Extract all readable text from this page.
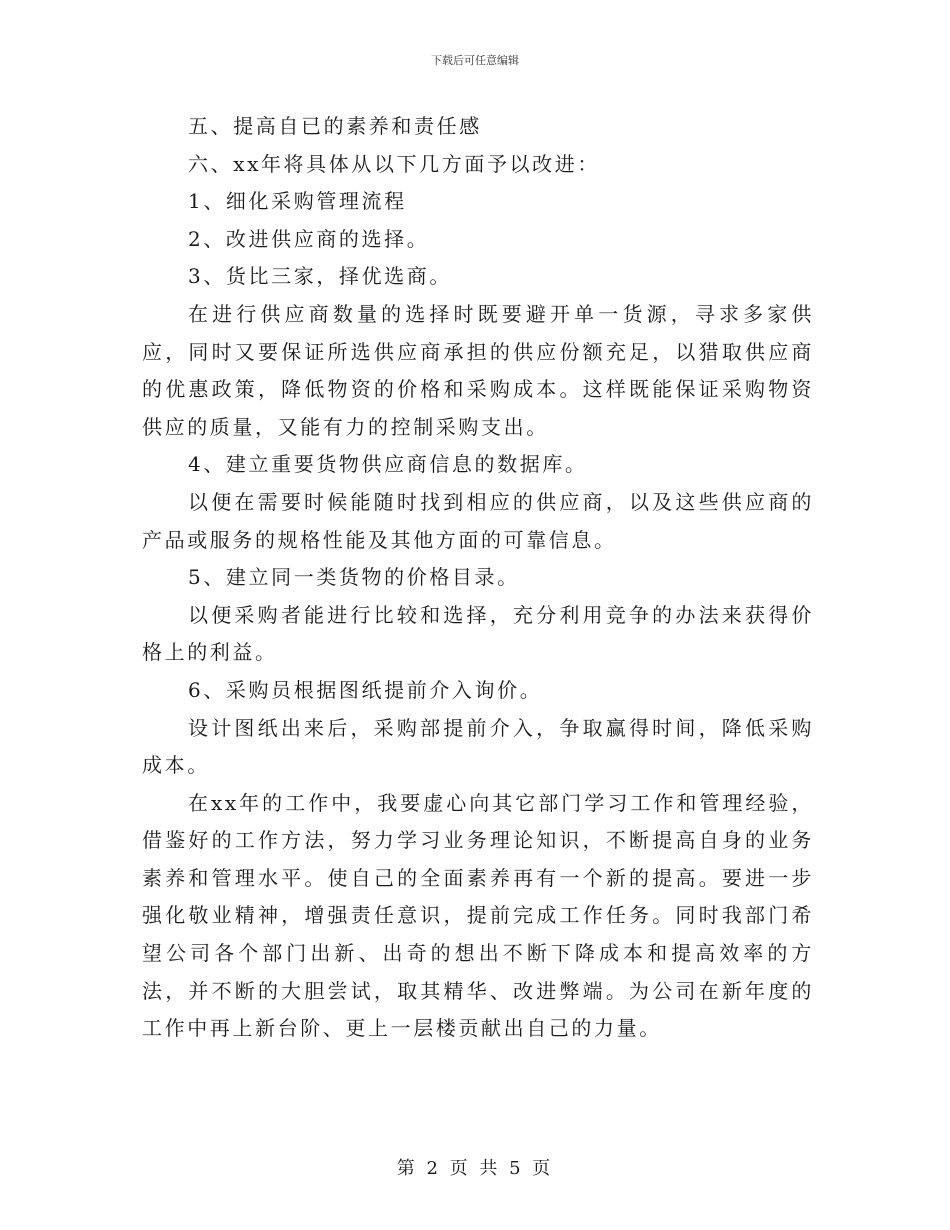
下载后可任意编辑

五、提高自已的素养和责任感

六、xx年将具体从以下几方面予以改进：

1、细化采购管理流程

2、改进供应商的选择。

3、货比三家，择优选商。

在进行供应商数量的选择时既要避开单一货源，寻求多家供应，同时又要保证所选供应商承担的供应份额充足，以猎取供应商的优惠政策，降低物资的价格和采购成本。这样既能保证采购物资供应的质量，又能有力的控制采购支出。

4、建立重要货物供应商信息的数据库。

以便在需要时候能随时找到相应的供应商，以及这些供应商的产品或服务的规格性能及其他方面的可靠信息。

5、建立同一类货物的价格目录。

以便采购者能进行比较和选择，充分利用竞争的办法来获得价格上的利益。

6、采购员根据图纸提前介入询价。

设计图纸出来后，采购部提前介入，争取赢得时间，降低采购成本。

在xx年的工作中，我要虚心向其它部门学习工作和管理经验，借鉴好的工作方法，努力学习业务理论知识，不断提高自身的业务素养和管理水平。使自己的全面素养再有一个新的提高。要进一步强化敬业精神，增强责任意识，提前完成工作任务。同时我部门希望公司各个部门出新、出奇的想出不断下降成本和提高效率的方法，并不断的大胆尝试，取其精华、改进弊端。为公司在新年度的工作中再上新台阶、更上一层楼贡献出自己的力量。

第 2 页 共 5 页
